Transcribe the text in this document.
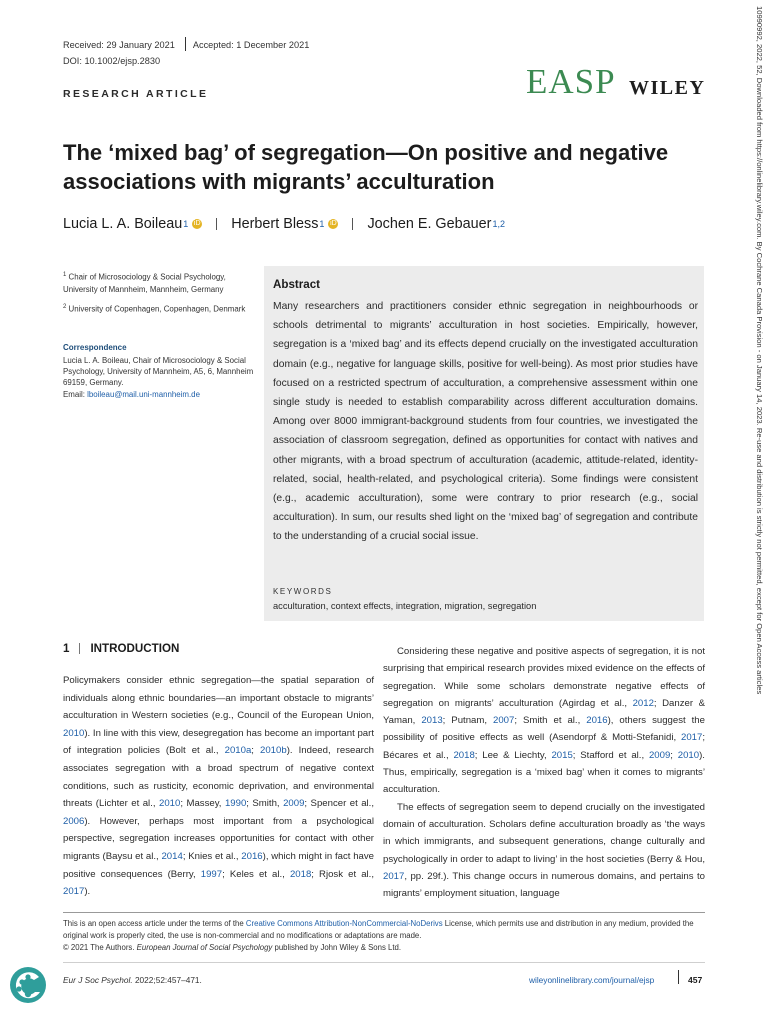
Received: 29 January 2021 Accepted: 1 December 2021
DOI: 10.1002/ejsp.2830
RESEARCH ARTICLE	EASP WILEY	10990992, 2022, 52, Downloaded from https://onlinelibrary.wiley.com. By Cochrane Canada Provision - on January 14, 2023. Re-use and distribution is strictly not permitted, except for Open Access articles
The ‘mixed bag’ of segregation—On positive and negative associations with migrants’ acculturation
Lucia L. A. Boileau 1 iD Herbert Bless 1 iD Jochen E. Gebauer 1,2
$^1$ Chair of Microsociology & Social Psychology, University of Mannheim, Mannheim, Germany
$^2$ University of Copenhagen, Copenhagen, Denmark
Correspondence
Lucia L. A. Boileau, Chair of Microsociology & Social Psychology, University of Mannheim, A5, 6, Mannheim 69159, Germany.
Email: lboileau@mail.uni-mannheim.de
Abstract

Many researchers and practitioners consider ethnic segregation in neighbourhoods or schools detrimental to migrants’ acculturation in host societies. Empirically, however, segregation is a ‘mixed bag’ and its effects depend crucially on the investigated acculturation domain (e.g., negative for language skills, positive for well-being). As most prior studies have focused on a restricted spectrum of acculturation, a comprehensive assessment within one single study is needed to establish comparability across different acculturation domains. Among over 8000 immigrant-background students from four countries, we investigated the association of classroom segregation, defined as opportunities for contact with natives and other migrants, with a broad spectrum of acculturation (academic, attitude-related, identity-related, social, health-related, and psychological criteria). Some findings were consistent (e.g., academic acculturation), some were contrary to prior research (e.g., social acculturation). In sum, our results shed light on the ‘mixed bag’ of segregation and contribute to the understanding of a crucial social issue.

KEYWORDS
acculturation, context effects, integration, migration, segregation
1 INTRODUCTION

Policymakers consider ethnic segregation—the spatial separation of individuals along ethnic boundaries—an important obstacle to migrants’ acculturation in Western societies (e.g., Council of the European Union, 2010). In line with this view, desegregation has become an important part of integration policies (Bolt et al., 2010a; 2010b). Indeed, research associates segregation with a broad spectrum of negative context conditions, such as rusticity, economic deprivation, and environmental threats (Lichter et al., 2010; Massey, 1990; Smith, 2009; Spencer et al., 2006). However, perhaps most important from a psychological perspective, segregation increases opportunities for contact with other migrants (Baysu et al., 2014; Knies et al., 2016), which might in fact have positive consequences (Berry, 1997; Keles et al., 2018; Rjosk et al., 2017).

Considering these negative and positive aspects of segregation, it is not surprising that empirical research provides mixed evidence on the effects of segregation. While some scholars demonstrate negative effects of segregation on migrants’ acculturation (Agirdag et al., 2012; Danzer & Yaman, 2013; Putnam, 2007; Smith et al., 2016), others suggest the possibility of positive effects as well (Asendorpf & Motti-Stefanidi, 2017; Bécares et al., 2018; Lee & Liechty, 2015; Stafford et al., 2009; 2010). Thus, empirically, segregation is a ‘mixed bag’ when it comes to migrants’ acculturation.

The effects of segregation seem to depend crucially on the investigated domain of acculturation. Scholars define acculturation broadly as ‘the ways in which immigrants, and subsequent generations, change culturally and psychologically in order to adapt to living’ in the host societies (Berry & Hou, 2017, pp. 29f.). This change occurs in numerous domains, and pertains to migrants’ employment situation, language

This is an open access article under the terms of the Creative Commons Attribution-NonCommercial-NoDerivs License, which permits use and distribution in any medium, provided the original work is properly cited, the use is non-commercial and no modifications or adaptations are made.
© 2021 The Authors. European Journal of Social Psychology published by John Wiley & Sons Ltd.

Eur J Soc Psychol. 2022;52:457–471.	wileyonlinelibrary.com/journal/ejsp	457
